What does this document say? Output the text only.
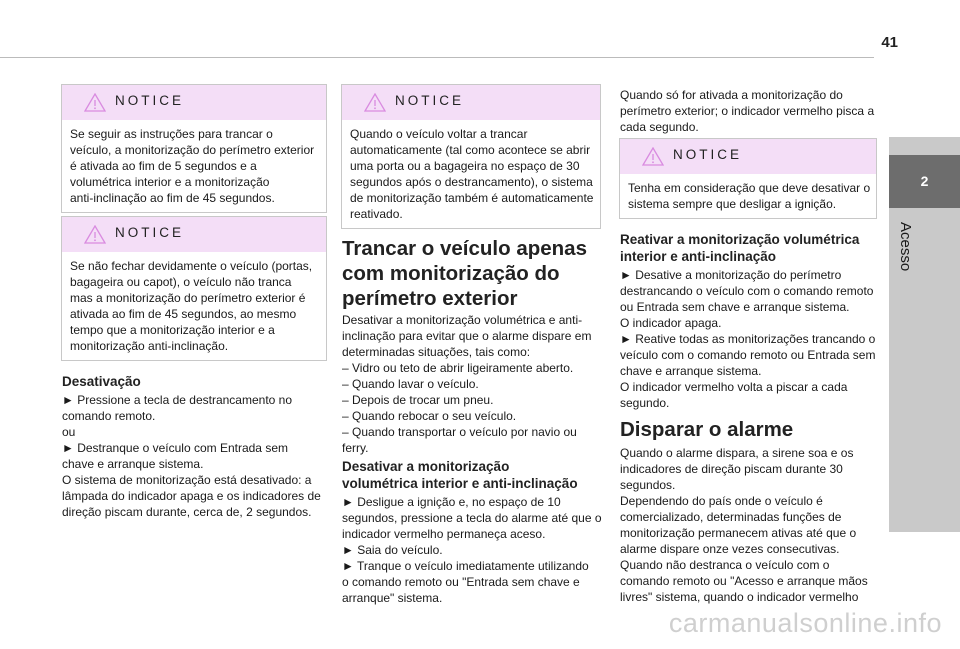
41
2
Acesso
NOTICE
Se seguir as instruções para trancar o
veículo, a monitorização do perímetro exterior
é ativada ao fim de 5 segundos e a
volumétrica interior e a monitorização
anti-inclinação ao fim de 45 segundos.
NOTICE
Se não fechar devidamente o veículo (portas,
bagageira ou capot), o veículo não tranca
mas a monitorização do perímetro exterior é
ativada ao fim de 45 segundos, ao mesmo
tempo que a monitorização interior e a
monitorização anti-inclinação.
Desativação
► Pressione a tecla de destrancamento no
comando remoto.
ou
► Destranque o veículo com Entrada sem
chave e arranque sistema.
O sistema de monitorização está desativado: a
lâmpada do indicador apaga e os indicadores de
direção piscam durante, cerca de, 2 segundos.
NOTICE
Quando o veículo voltar a trancar
automaticamente (tal como acontece se abrir
uma porta ou a bagageira no espaço de 30
segundos após o destrancamento), o sistema
de monitorização também é automaticamente
reativado.
Trancar o veículo apenas
com monitorização do
perímetro exterior
Desativar a monitorização volumétrica e anti-
inclinação para evitar que o alarme dispare em
determinadas situações, tais como:
– Vidro ou teto de abrir ligeiramente aberto.
– Quando lavar o veículo.
– Depois de trocar um pneu.
– Quando rebocar o seu veículo.
– Quando transportar o veículo por navio ou
ferry.
Desativar a monitorização
volumétrica interior e anti-inclinação
► Desligue a ignição e, no espaço de 10
segundos, pressione a tecla do alarme até que o
indicador vermelho permaneça aceso.
► Saia do veículo.
► Tranque o veículo imediatamente utilizando
o comando remoto ou "Entrada sem chave e
arranque" sistema.
Quando só for ativada a monitorização do
perímetro exterior; o indicador vermelho pisca a
cada segundo.
NOTICE
Tenha em consideração que deve desativar o
sistema sempre que desligar a ignição.
Reativar a monitorização volumétrica
interior e anti-inclinação
► Desative a monitorização do perímetro
destrancando o veículo com o comando remoto
ou Entrada sem chave e arranque sistema.
O indicador apaga.
► Reative todas as monitorizações trancando o
veículo com o comando remoto ou Entrada sem
chave e arranque sistema.
O indicador vermelho volta a piscar a cada
segundo.
Disparar o alarme
Quando o alarme dispara, a sirene soa e os
indicadores de direção piscam durante 30
segundos.
Dependendo do país onde o veículo é
comercializado, determinadas funções de
monitorização permanecem ativas até que o
alarme dispare onze vezes consecutivas.
Quando não destranca o veículo com o
comando remoto ou "Acesso e arranque mãos
livres" sistema, quando o indicador vermelho
carmanualsonline.info
